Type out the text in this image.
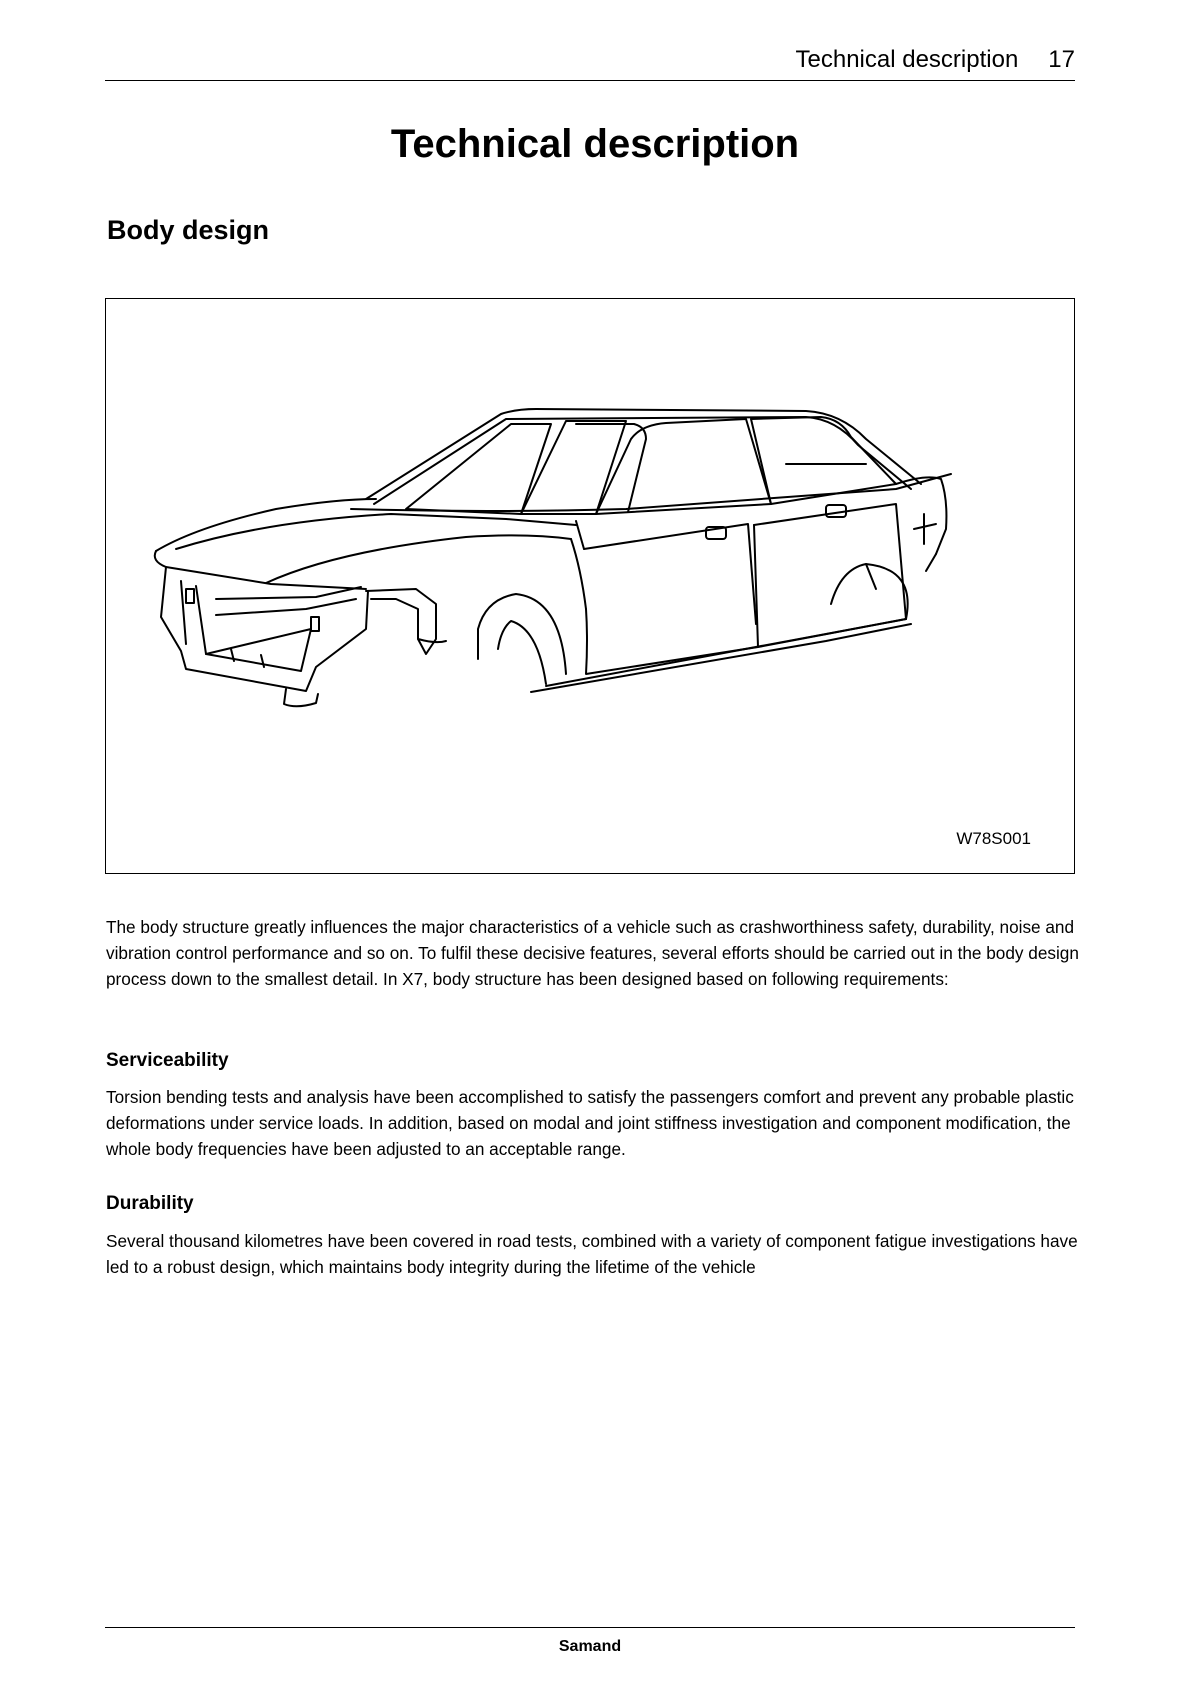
Technical description 17
Technical description
Body design
W78S001

The body structure greatly influences the major characteristics of a vehicle such as crashworthiness safety, durability, noise and vibration control performance and so on. To fulfil these decisive features, several efforts should be carried out in the body design process down to the smallest detail. In X7, body structure has been designed based on following requirements:

Serviceability

Torsion bending tests and analysis have been accomplished to satisfy the passengers comfort and prevent any probable plastic deformations under service loads. In addition, based on modal and joint stiffness investigation and component modification, the whole body frequencies have been adjusted to an acceptable range.

Durability

Several thousand kilometres have been covered in road tests, combined with a variety of component fatigue investigations have led to a robust design, which maintains body integrity during the lifetime of the vehicle

Samand
